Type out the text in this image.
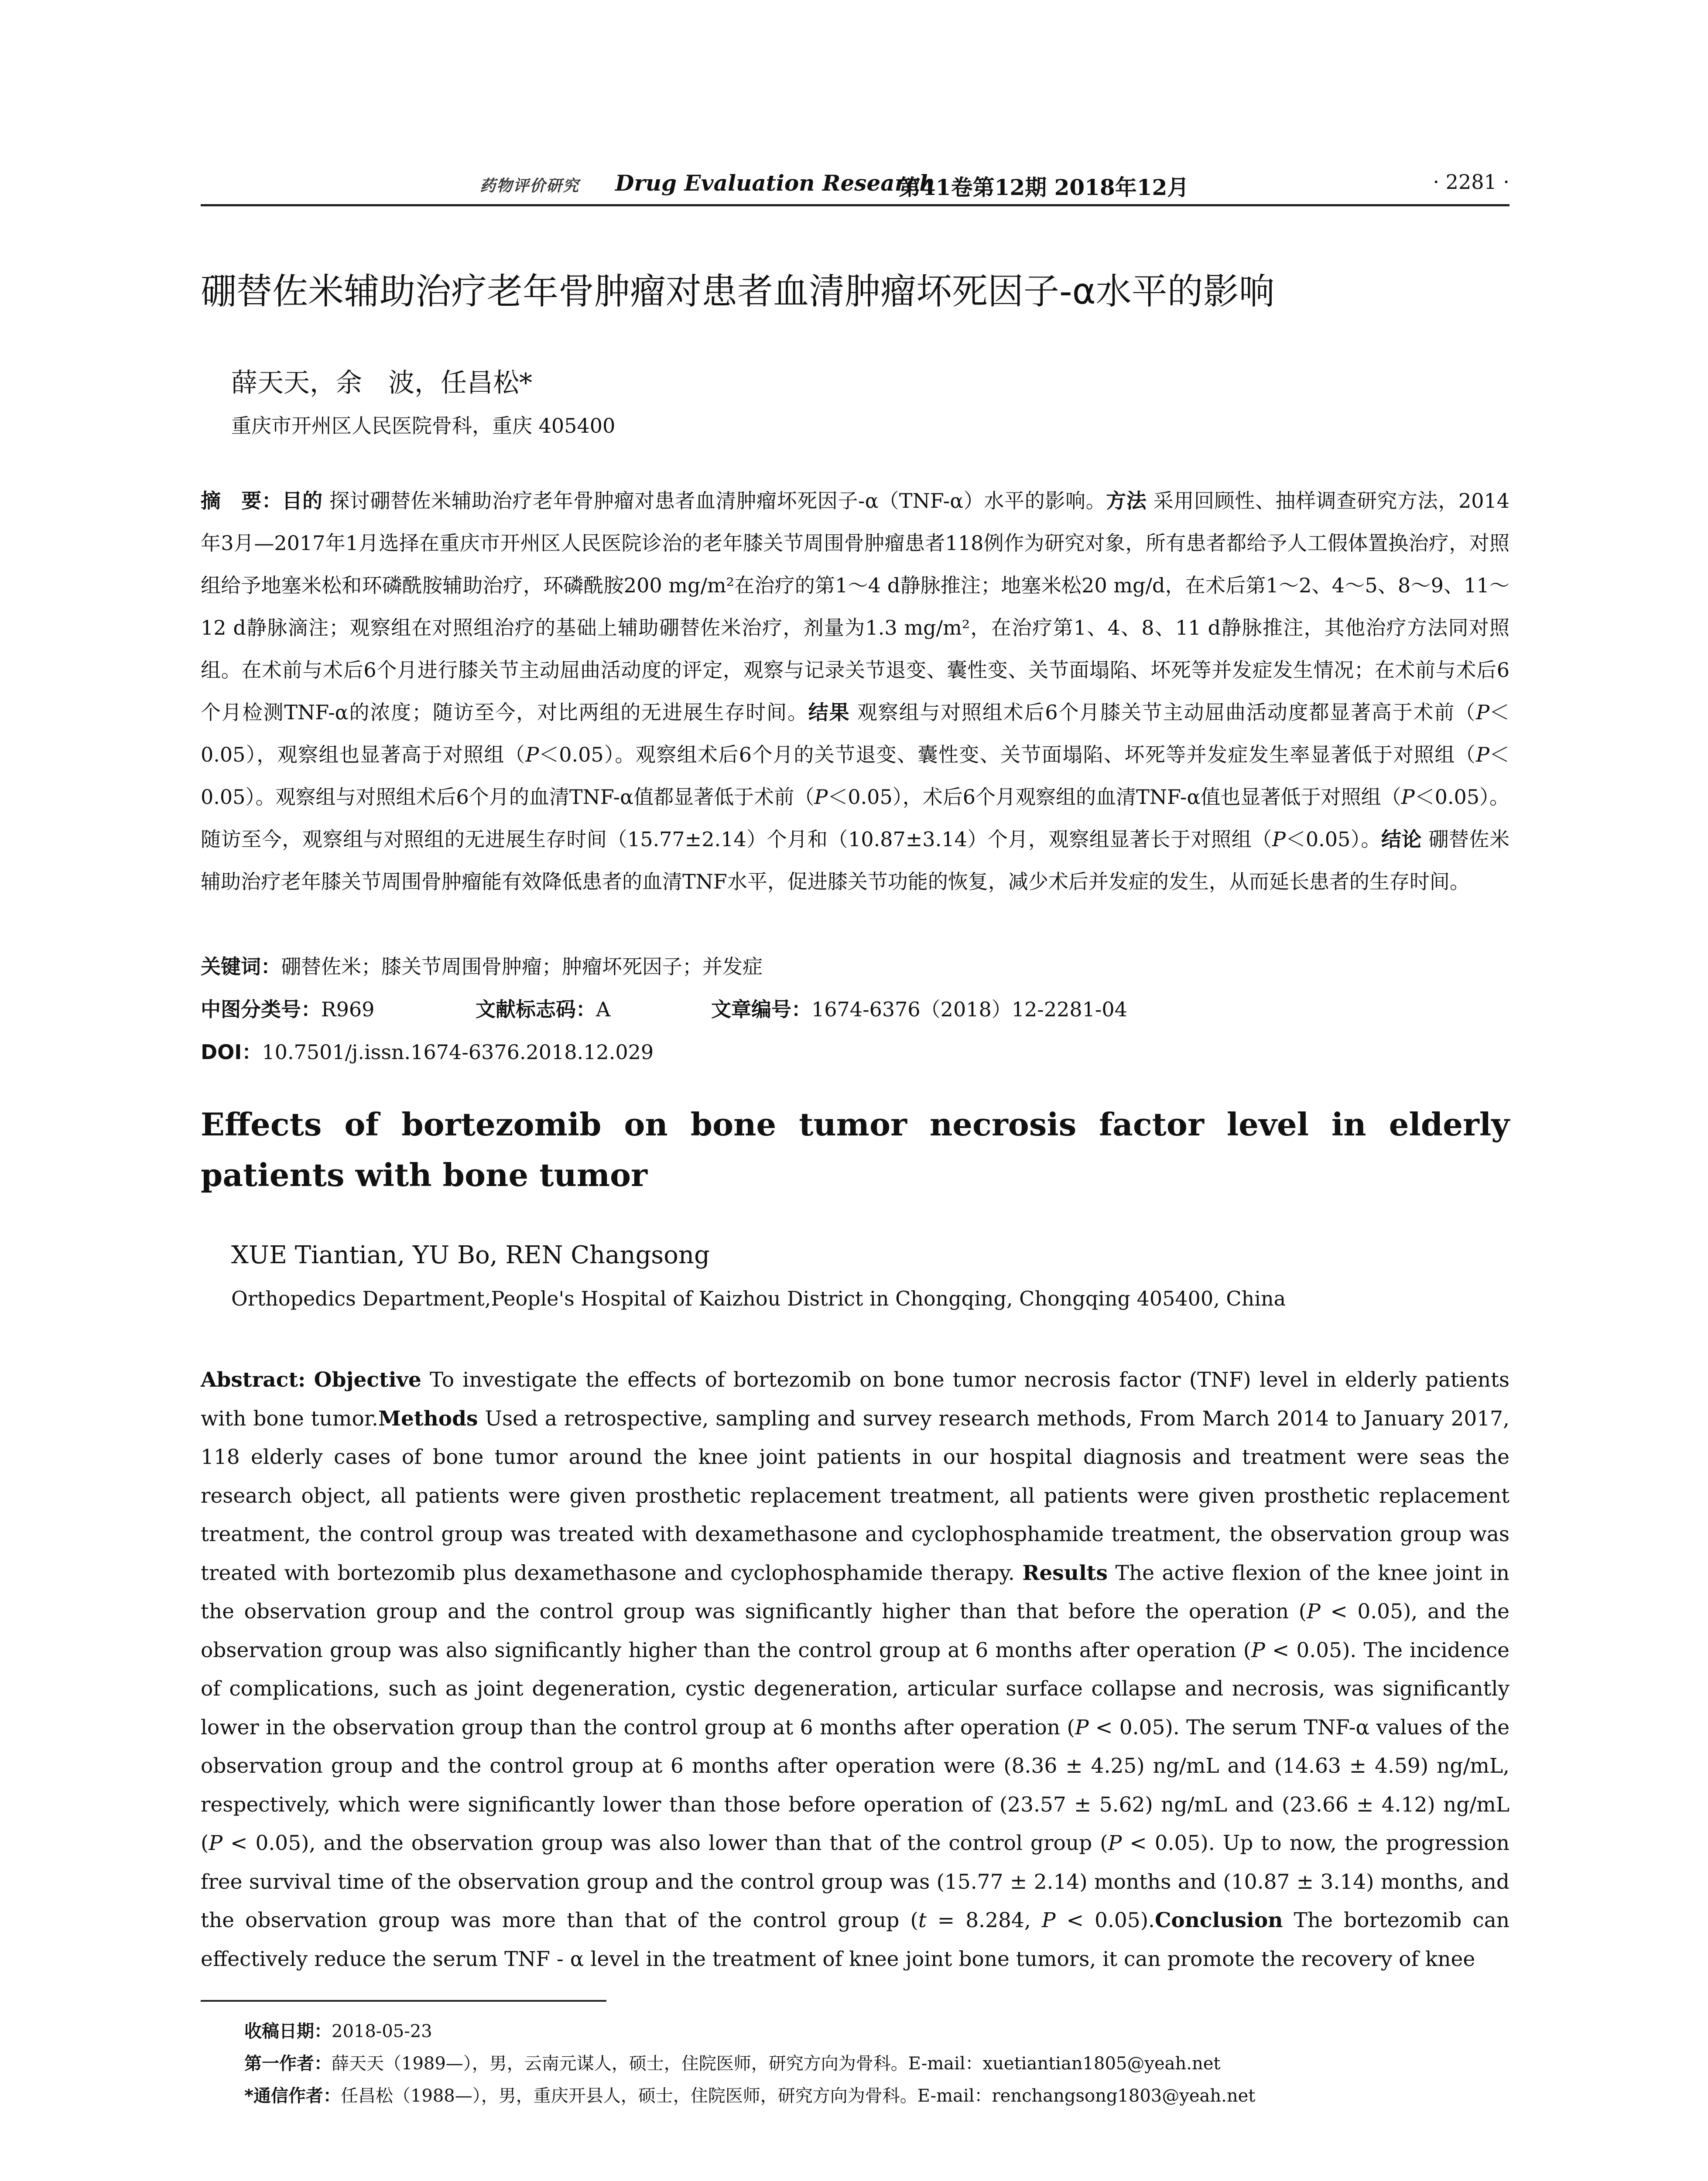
药物评价研究 Drug Evaluation Research
第41卷第12期 2018年12月	· 2281 ·
硼替佐米辅助治疗老年骨肿瘤对患者血清肿瘤坏死因子-α水平的影响
薛天天，余　波，任昌松*
重庆市开州区人民医院骨科，重庆 405400
摘　要：目的 探讨硼替佐米辅助治疗老年骨肿瘤对患者血清肿瘤坏死因子-α（TNF-α）水平的影响。方法 采用回顾性、抽样调查研究方法，2014年3月—2017年1月选择在重庆市开州区人民医院诊治的老年膝关节周围骨肿瘤患者118例作为研究对象，所有患者都给予人工假体置换治疗，对照组给予地塞米松和环磷酰胺辅助治疗，环磷酰胺200 mg/m²在治疗的第1～4 d静脉推注；地塞米松20 mg/d，在术后第1～2、4～5、8～9、11～12 d静脉滴注；观察组在对照组治疗的基础上辅助硼替佐米治疗，剂量为1.3 mg/m²，在治疗第1、4、8、11 d静脉推注，其他治疗方法同对照组。在术前与术后6个月进行膝关节主动屈曲活动度的评定，观察与记录关节退变、囊性变、关节面塌陷、坏死等并发症发生情况；在术前与术后6个月检测TNF-α的浓度；随访至今，对比两组的无进展生存时间。结果 观察组与对照组术后6个月膝关节主动屈曲活动度都显著高于术前（P＜0.05），观察组也显著高于对照组（P＜0.05）。观察组术后6个月的关节退变、囊性变、关节面塌陷、坏死等并发症发生率显著低于对照组（P＜0.05）。观察组与对照组术后6个月的血清TNF-α值都显著低于术前（P＜0.05），术后6个月观察组的血清TNF-α值也显著低于对照组（P＜0.05）。随访至今，观察组与对照组的无进展生存时间（15.77±2.14）个月和（10.87±3.14）个月，观察组显著长于对照组（P＜0.05）。结论 硼替佐米辅助治疗老年膝关节周围骨肿瘤能有效降低患者的血清TNF水平，促进膝关节功能的恢复，减少术后并发症的发生，从而延长患者的生存时间。
关键词：硼替佐米；膝关节周围骨肿瘤；肿瘤坏死因子；并发症
中图分类号：R969	文献标志码：A	文章编号：1674-6376（2018）12-2281-04
DOI：10.7501/j.issn.1674-6376.2018.12.029
Effects of bortezomib on bone tumor necrosis factor level in elderly patients with bone tumor
XUE Tiantian, YU Bo, REN Changsong
Orthopedics Department,People's Hospital of Kaizhou District in Chongqing, Chongqing 405400, China
Abstract: Objective To investigate the effects of bortezomib on bone tumor necrosis factor (TNF) level in elderly patients with bone tumor.Methods Used a retrospective, sampling and survey research methods, From March 2014 to January 2017, 118 elderly cases of bone tumor around the knee joint patients in our hospital diagnosis and treatment were seas the research object, all patients were given prosthetic replacement treatment, all patients were given prosthetic replacement treatment, the control group was treated with dexamethasone and cyclophosphamide treatment, the observation group was treated with bortezomib plus dexamethasone and cyclophosphamide therapy. Results The active flexion of the knee joint in the observation group and the control group was significantly higher than that before the operation (P < 0.05), and the observation group was also significantly higher than the control group at 6 months after operation (P < 0.05). The incidence of complications, such as joint degeneration, cystic degeneration, articular surface collapse and necrosis, was significantly lower in the observation group than the control group at 6 months after operation (P < 0.05). The serum TNF-α values of the observation group and the control group at 6 months after operation were (8.36 ± 4.25) ng/mL and (14.63 ± 4.59) ng/mL, respectively, which were significantly lower than those before operation of (23.57 ± 5.62) ng/mL and (23.66 ± 4.12) ng/mL (P < 0.05), and the observation group was also lower than that of the control group (P < 0.05). Up to now, the progression free survival time of the observation group and the control group was (15.77 ± 2.14) months and (10.87 ± 3.14) months, and the observation group was more than that of the control group (t = 8.284, P < 0.05).Conclusion The bortezomib can effectively reduce the serum TNF - α level in the treatment of knee joint bone tumors, it can promote the recovery of knee
收稿日期：2018-05-23
第一作者：薛天天（1989—），男，云南元谋人，硕士，住院医师，研究方向为骨科。E-mail：xuetiantian1805@yeah.net
*通信作者：任昌松（1988—），男，重庆开县人，硕士，住院医师，研究方向为骨科。E-mail：renchangsong1803@yeah.net
